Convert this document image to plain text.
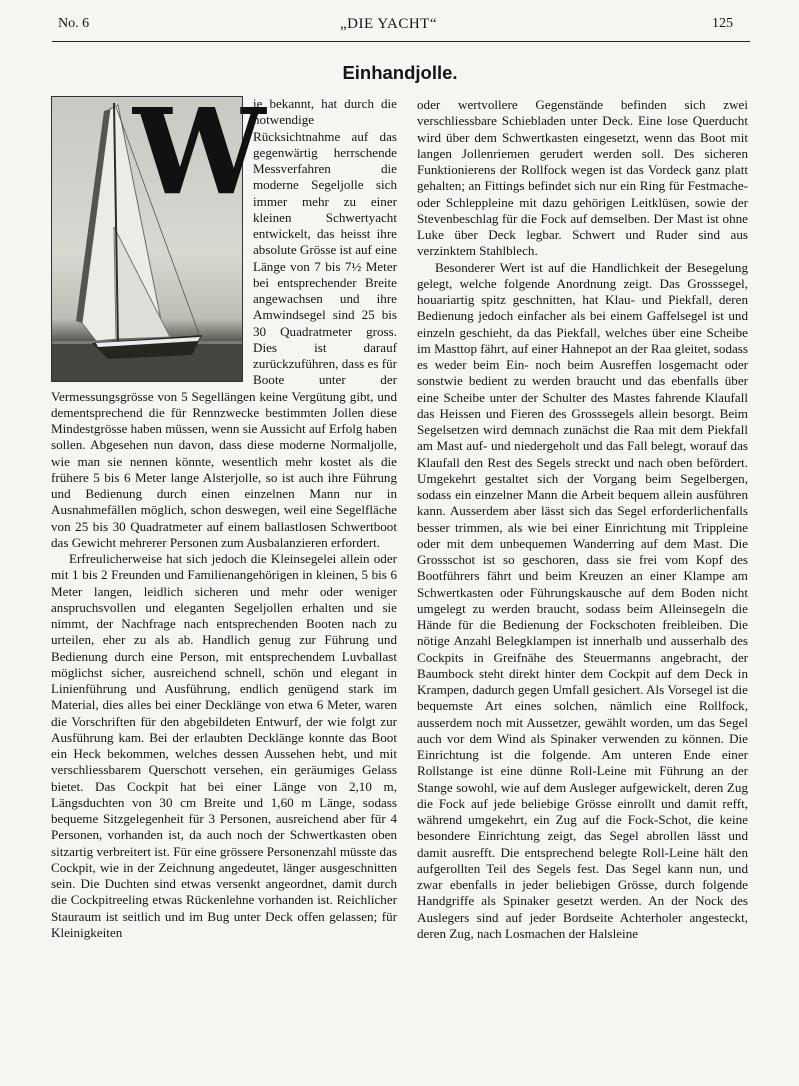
No. 6	„DIE YACHT“	125
Einhandjolle.
W

ie bekannt, hat durch die notwendige Rücksichtnahme auf das gegenwärtig herrschende Messverfahren die moderne Segeljolle sich immer mehr zu einer kleinen Schwertyacht entwickelt, das heisst ihre absolute Grösse ist auf eine Länge von 7 bis 7½ Meter bei entsprechender Breite angewachsen und ihre Amwindsegel sind 25 bis 30 Quadratmeter gross. Dies ist darauf zurückzuführen, dass es für Boote unter der Vermessungsgrösse von 5 Segellängen keine Vergütung gibt, und dementsprechend die für Rennzwecke bestimmten Jollen diese Mindestgrösse haben müssen, wenn sie Aussicht auf Erfolg haben sollen. Abgesehen nun davon, dass diese moderne Normaljolle, wie man sie nennen könnte, wesentlich mehr kostet als die frühere 5 bis 6 Meter lange Alsterjolle, so ist auch ihre Führung und Bedienung durch einen einzelnen Mann nur in Ausnahmefällen möglich, schon deswegen, weil eine Segelfläche von 25 bis 30 Quadratmeter auf einem ballastlosen Schwertboot das Gewicht mehrerer Personen zum Ausbalanzieren erfordert.

Erfreulicherweise hat sich jedoch die Kleinsegelei allein oder mit 1 bis 2 Freunden und Familienangehörigen in kleinen, 5 bis 6 Meter langen, leidlich sicheren und mehr oder weniger anspruchsvollen und eleganten Segeljollen erhalten und sie nimmt, der Nachfrage nach entsprechenden Booten nach zu urteilen, eher zu als ab. Handlich genug zur Führung und Bedienung durch eine Person, mit entsprechendem Luvballast möglichst sicher, ausreichend schnell, schön und elegant in Linienführung und Ausführung, endlich genügend stark im Material, dies alles bei einer Decklänge von etwa 6 Meter, waren die Vorschriften für den abgebildeten Entwurf, der wie folgt zur Ausführung kam. Bei der erlaubten Decklänge konnte das Boot ein Heck bekommen, welches dessen Aussehen hebt, und mit verschliessbarem Querschott versehen, ein geräumiges Gelass bietet. Das Cockpit hat bei einer Länge von 2,10 m, Längsduchten von 30 cm Breite und 1,60 m Länge, sodass bequeme Sitzgelegenheit für 3 Personen, ausreichend aber für 4 Personen, vorhanden ist, da auch noch der Schwertkasten oben sitzartig verbreitert ist. Für eine grössere Personenzahl müsste das Cockpit, wie in der Zeichnung angedeutet, länger ausgeschnitten sein. Die Duchten sind etwas versenkt angeordnet, damit durch die Cockpitreeling etwas Rückenlehne vorhanden ist. Reichlicher Stauraum ist seitlich und im Bug unter Deck offen gelassen; für Kleinigkeiten

oder wertvollere Gegenstände befinden sich zwei verschliessbare Schiebladen unter Deck. Eine lose Querducht wird über dem Schwertkasten eingesetzt, wenn das Boot mit langen Jollenriemen gerudert werden soll. Des sicheren Funktionierens der Rollfock wegen ist das Vordeck ganz platt gehalten; an Fittings befindet sich nur ein Ring für Festmache- oder Schleppleine mit dazu gehörigen Leitklüsen, sowie der Stevenbeschlag für die Fock auf demselben. Der Mast ist ohne Luke über Deck legbar. Schwert und Ruder sind aus verzinktem Stahlblech.

Besonderer Wert ist auf die Handlichkeit der Besegelung gelegt, welche folgende Anordnung zeigt. Das Grosssegel, houariartig spitz geschnitten, hat Klau- und Piekfall, deren Bedienung jedoch einfacher als bei einem Gaffelsegel ist und einzeln geschieht, da das Piekfall, welches über eine Scheibe im Masttop fährt, auf einer Hahnepot an der Raa gleitet, sodass es weder beim Ein- noch beim Ausreffen losgemacht oder sonstwie bedient zu werden braucht und das ebenfalls über eine Scheibe unter der Schulter des Mastes fahrende Klaufall das Heissen und Fieren des Grosssegels allein besorgt. Beim Segelsetzen wird demnach zunächst die Raa mit dem Piekfall am Mast auf- und niedergeholt und das Fall belegt, worauf das Klaufall den Rest des Segels streckt und nach oben befördert. Umgekehrt gestaltet sich der Vorgang beim Segelbergen, sodass ein einzelner Mann die Arbeit bequem allein ausführen kann. Ausserdem aber lässt sich das Segel erforderlichenfalls besser trimmen, als wie bei einer Einrichtung mit Trippleine oder mit dem unbequemen Wanderring auf dem Mast. Die Grossschot ist so geschoren, dass sie frei vom Kopf des Bootführers fährt und beim Kreuzen an einer Klampe am Schwertkasten oder Führungskausche auf dem Boden nicht umgelegt zu werden braucht, sodass beim Alleinsegeln die Hände für die Bedienung der Fockschoten freibleiben. Die nötige Anzahl Belegklampen ist innerhalb und ausserhalb des Cockpits in Greifnähe des Steuermanns angebracht, der Baumbock steht direkt hinter dem Cockpit auf dem Deck in Krampen, dadurch gegen Umfall gesichert. Als Vorsegel ist die bequemste Art eines solchen, nämlich eine Rollfock, ausserdem noch mit Aussetzer, gewählt worden, um das Segel auch vor dem Wind als Spinaker verwenden zu können. Die Einrichtung ist die folgende. Am unteren Ende einer Rollstange ist eine dünne Roll-Leine mit Führung an der Stange sowohl, wie auf dem Ausleger aufgewickelt, deren Zug die Fock auf jede beliebige Grösse einrollt und damit refft, während umgekehrt, ein Zug auf die Fock-Schot, die keine besondere Einrichtung zeigt, das Segel abrollen lässt und damit ausrefft. Die entsprechend belegte Roll-Leine hält den aufgerollten Teil des Segels fest. Das Segel kann nun, und zwar ebenfalls in jeder beliebigen Grösse, durch folgende Handgriffe als Spinaker gesetzt werden. An der Nock des Auslegers sind auf jeder Bordseite Achterholer angesteckt, deren Zug, nach Losmachen der Halsleine
